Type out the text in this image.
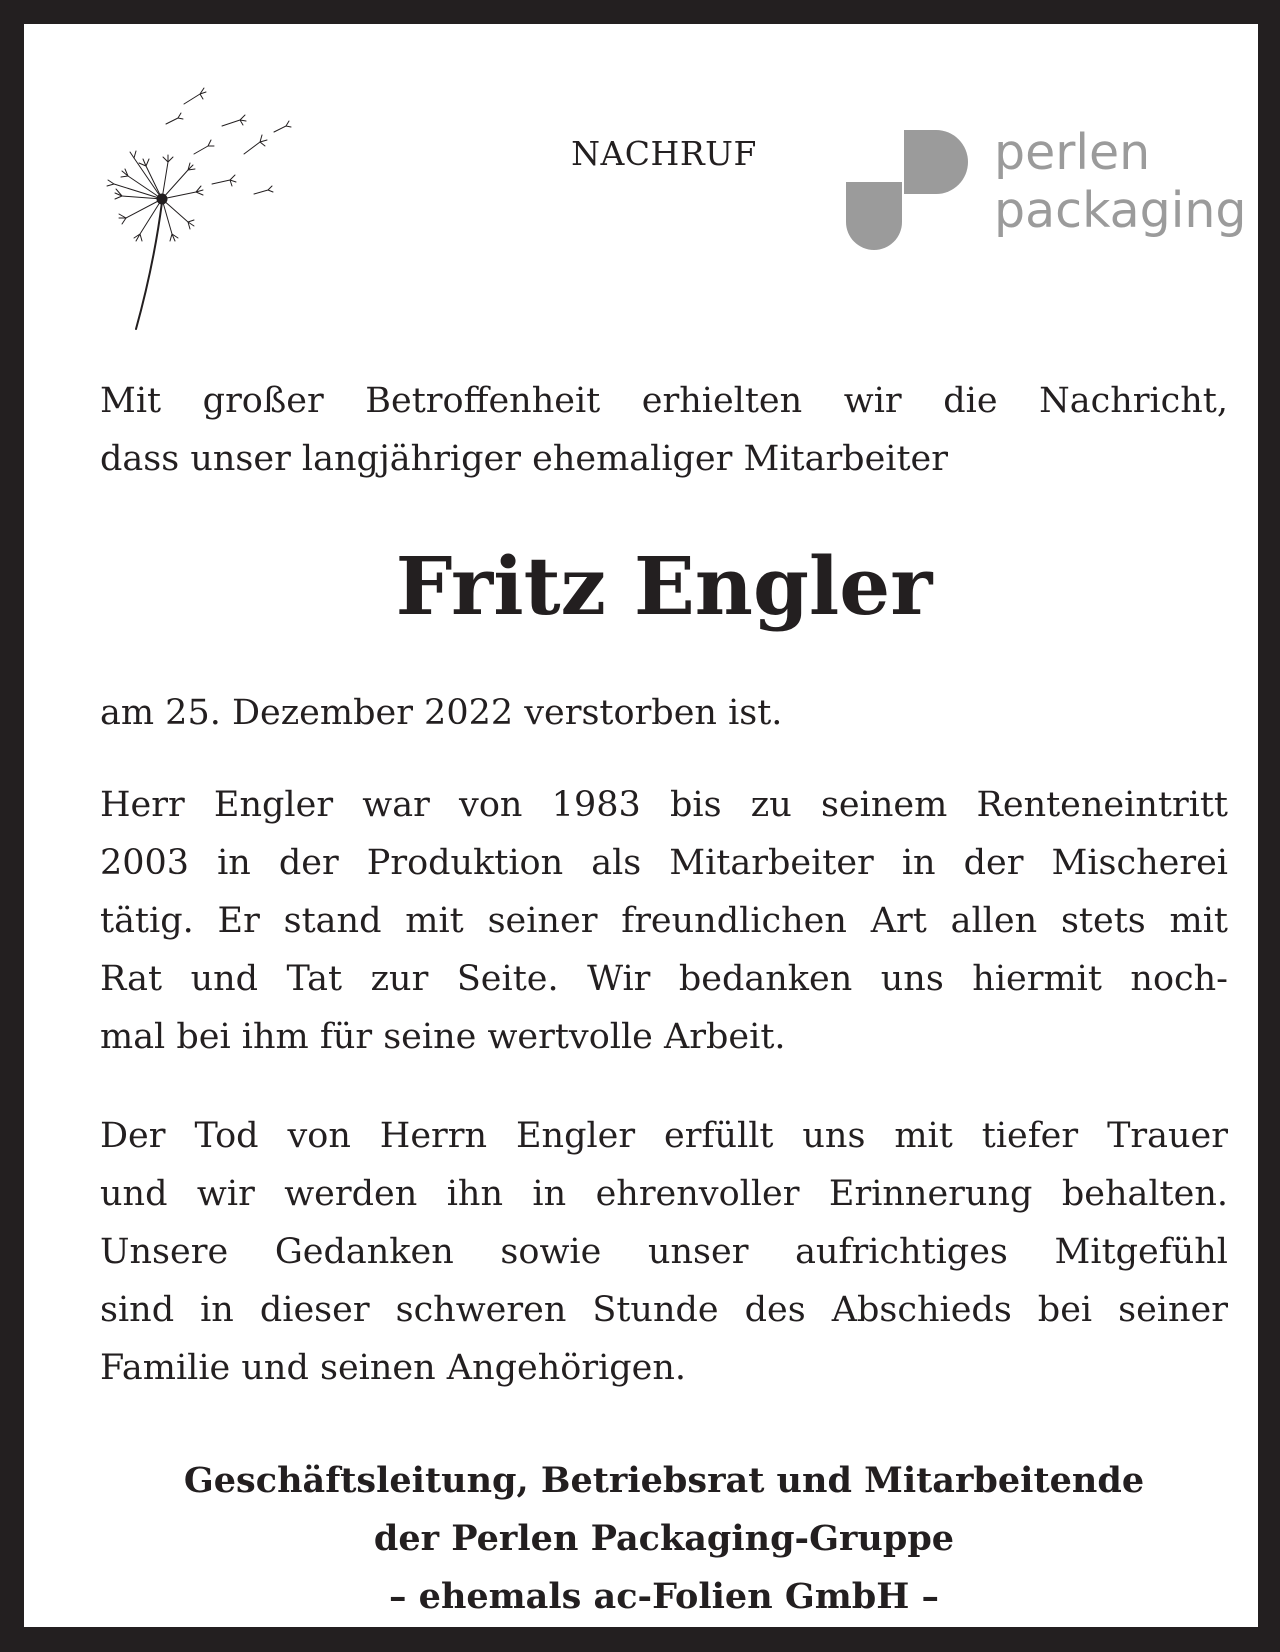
NACHRUF	perlen
packaging
Mit großer Betroffenheit erhielten wir die Nachricht,
dass unser langjähriger ehemaliger Mitarbeiter
Fritz Engler
am 25. Dezember 2022 verstorben ist.
Herr Engler war von 1983 bis zu seinem Renteneintritt
2003 in der Produktion als Mitarbeiter in der Mischerei
tätig. Er stand mit seiner freundlichen Art allen stets mit
Rat und Tat zur Seite. Wir bedanken uns hiermit noch-
mal bei ihm für seine wertvolle Arbeit.
Der Tod von Herrn Engler erfüllt uns mit tiefer Trauer
und wir werden ihn in ehrenvoller Erinnerung behalten.
Unsere Gedanken sowie unser aufrichtiges Mitgefühl
sind in dieser schweren Stunde des Abschieds bei seiner
Familie und seinen Angehörigen.
Geschäftsleitung, Betriebsrat und Mitarbeitende
der Perlen Packaging-Gruppe
– ehemals ac-Folien GmbH –
